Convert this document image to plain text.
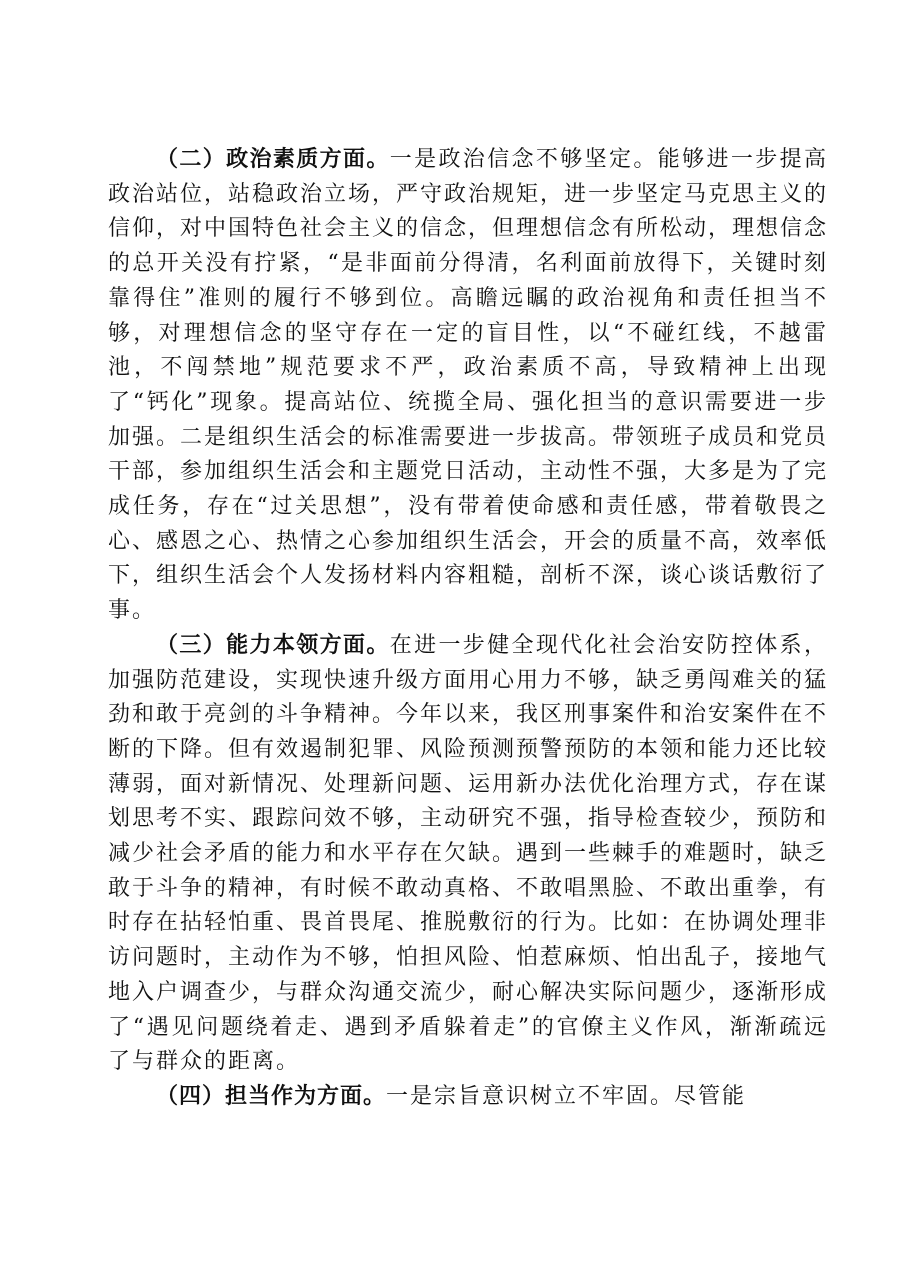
（二）政治素质方面。一是政治信念不够坚定。能够进一步提高政治站位，站稳政治立场，严守政治规矩，进一步坚定马克思主义的信仰，对中国特色社会主义的信念，但理想信念有所松动，理想信念的总开关没有拧紧，“是非面前分得清，名利面前放得下，关键时刻靠得住”准则的履行不够到位。高瞻远瞩的政治视角和责任担当不够，对理想信念的坚守存在一定的盲目性，以“不碰红线，不越雷池，不闯禁地”规范要求不严，政治素质不高，导致精神上出现了“钙化”现象。提高站位、统揽全局、强化担当的意识需要进一步加强。二是组织生活会的标准需要进一步拔高。带领班子成员和党员干部，参加组织生活会和主题党日活动，主动性不强，大多是为了完成任务，存在“过关思想”，没有带着使命感和责任感，带着敬畏之心、感恩之心、热情之心参加组织生活会，开会的质量不高，效率低下，组织生活会个人发扬材料内容粗糙，剖析不深，谈心谈话敷衍了事。

（三）能力本领方面。在进一步健全现代化社会治安防控体系，加强防范建设，实现快速升级方面用心用力不够，缺乏勇闯难关的猛劲和敢于亮剑的斗争精神。今年以来，我区刑事案件和治安案件在不断的下降。但有效遏制犯罪、风险预测预警预防的本领和能力还比较薄弱，面对新情况、处理新问题、运用新办法优化治理方式，存在谋划思考不实、跟踪问效不够，主动研究不强，指导检查较少，预防和减少社会矛盾的能力和水平存在欠缺。遇到一些棘手的难题时，缺乏敢于斗争的精神，有时候不敢动真格、不敢唱黑脸、不敢出重拳，有时存在拈轻怕重、畏首畏尾、推脱敷衍的行为。比如：在协调处理非访问题时，主动作为不够，怕担风险、怕惹麻烦、怕出乱子，接地气地入户调查少，与群众沟通交流少，耐心解决实际问题少，逐渐形成了“遇见问题绕着走、遇到矛盾躲着走”的官僚主义作风，渐渐疏远了与群众的距离。

（四）担当作为方面。一是宗旨意识树立不牢固。尽管能
